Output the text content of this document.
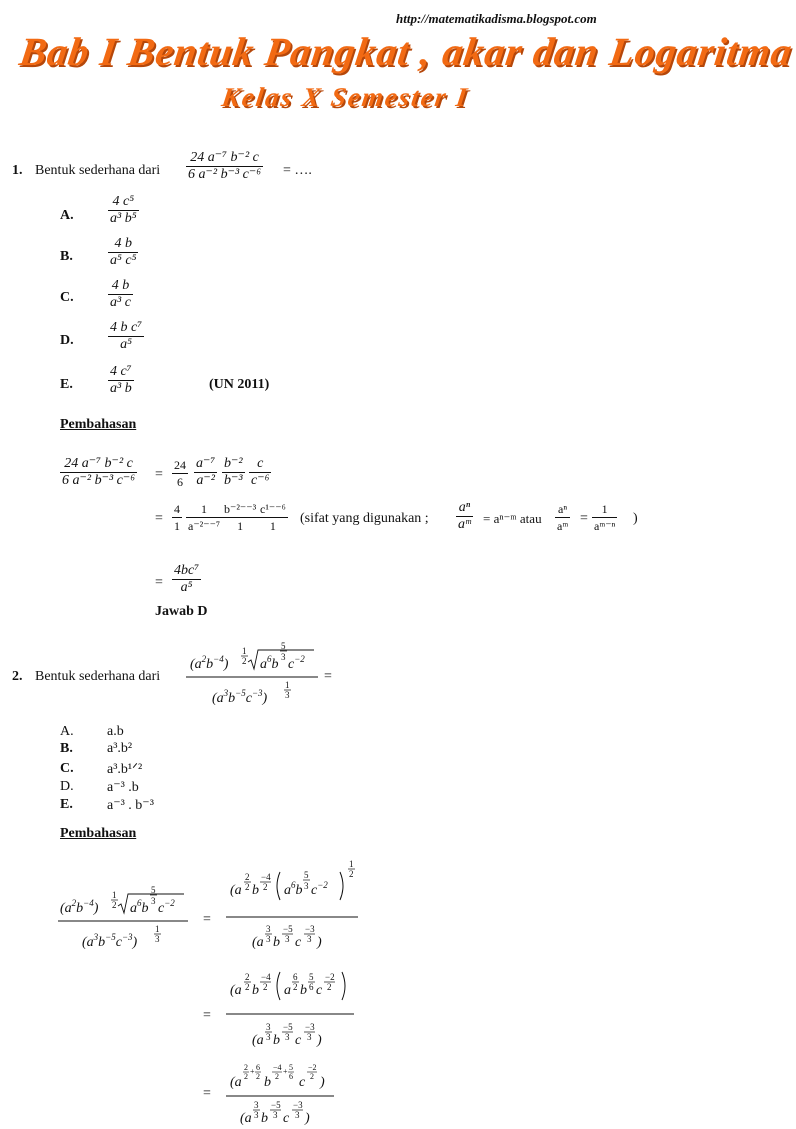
http://matematikadisma.blogspot.com
Bab I Bentuk Pangkat , akar dan Logaritma
Kelas X Semester I
1. Bentuk sederhana dari $\frac{\text{24 a⁻⁷ b⁻² c}}{\text{6 a⁻² b⁻³ c⁻⁶}}$ = ….
A. $\frac{\text{4 c⁵}}{\text{a³ b⁵}}$
B.	$\frac{4 b}{\text{a⁵ c⁵}}$
C. $\frac{4 b}{\text{a³ c}}$
D. $\frac{\text{4 b c⁷}}{\text{a⁵}}$
E.	$\frac{\text{4 c⁷}}{\text{a³ b}}$	(UN 2011)
Pembahasan
$\frac{\text{24 a⁻⁷ b⁻² c}}{\text{6 a⁻² b⁻³ c⁻⁶}} = \frac{24}{6} \frac{\text{a⁻⁷}}{\text{a⁻²}} \frac{\text{b⁻²}}{\text{b⁻³}} \frac{c}{\text{c⁻⁶}}$
= $\frac{4}{1} \frac{1}{\text{a⁻²⁻⁻⁷}} \frac{\text{b⁻²⁻⁻³}}{1} \frac{\text{c¹⁻⁻⁶}}{1}$ (sifat yang digunakan ; $\frac{\text{aⁿ}}{\text{aᵐ}}$ = aⁿ⁻ᵐ atau $\frac{\text{aⁿ}}{\text{aᵐ}} = \frac{1}{\text{aᵐ⁻ⁿ}}$ )
= $\frac{\text{4bc⁷}}{\text{a⁵}}$
Jawab D
2. Bentuk sederhana dari
$(a^2b^{-4})$
1
2 $a^6b$
5
3 $c^{-2}$
$(a^3b^{-5}c^{-3})$
1
3
=
A. a.b
B. a³.b²
C. a³.b¹ᐟ²
D. a⁻³ .b
E. a⁻³ . b⁻³
Pembahasan
$(a^2b^{-4})$
1
2 $a^6b$
5
3 $c^{-2}$
$(a^3b^{-5}c^{-3})$
1
3
=
(a
2
2 b
−4
2 $a^6b$
5
3 $c^{-2}$
1
2
(a
3
3 b
−5
3 c
−3
3 )
=
(a
2
2 b
−4
2 a
6
2 b
5
6 c
−2
2
(a
3
3 b
−5
3 c
−3
3 )
=
(a
2
2
+ 6
2 b
−4
2
+ 5
6 c
−2
2 )
(a
3
3 b
−5
3 c
−3
3 )
